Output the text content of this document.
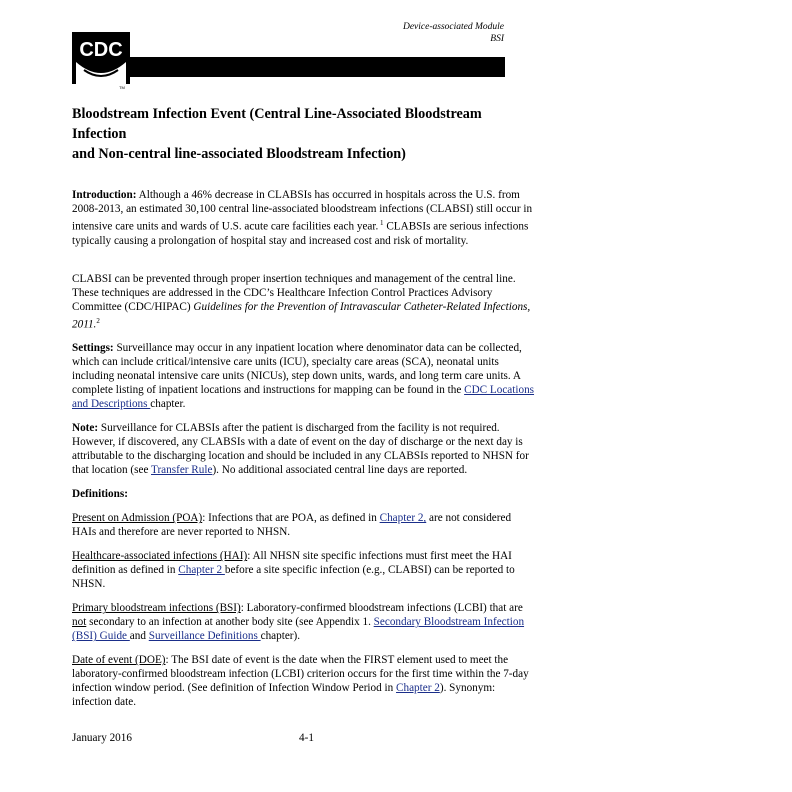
Device-associated Module
BSI
CDC
TM
Bloodstream Infection Event (Central Line-Associated Bloodstream Infection
and Non-central line-associated Bloodstream Infection)

Introduction: Although a 46% decrease in CLABSIs has occurred in hospitals across the U.S. from 2008-2013, an estimated 30,100 central line-associated bloodstream infections (CLABSI) still occur in intensive care units and wards of U.S. acute care facilities each year. $^1$ CLABSIs are serious infections typically causing a prolongation of hospital stay and increased cost and risk of mortality.

CLABSI can be prevented through proper insertion techniques and management of the central line. These techniques are addressed in the CDC’s Healthcare Infection Control Practices Advisory Committee (CDC/HIPAC) Guidelines for the Prevention of Intravascular Catheter-Related Infections, 2011.$^2$

Settings: Surveillance may occur in any inpatient location where denominator data can be collected, which can include critical/intensive care units (ICU), specialty care areas (SCA), neonatal units including neonatal intensive care units (NICUs), step down units, wards, and long term care units. A complete listing of inpatient locations and instructions for mapping can be found in the CDC Locations and Descriptions chapter.

Note: Surveillance for CLABSIs after the patient is discharged from the facility is not required. However, if discovered, any CLABSIs with a date of event on the day of discharge or the next day is attributable to the discharging location and should be included in any CLABSIs reported to NHSN for that location (see Transfer Rule). No additional associated central line days are reported.

Definitions:

Present on Admission (POA): Infections that are POA, as defined in Chapter 2, are not considered HAIs and therefore are never reported to NHSN.

Healthcare-associated infections (HAI): All NHSN site specific infections must first meet the HAI definition as defined in Chapter 2 before a site specific infection (e.g., CLABSI) can be reported to NHSN.

Primary bloodstream infections (BSI): Laboratory-confirmed bloodstream infections (LCBI) that are not secondary to an infection at another body site (see Appendix 1. Secondary Bloodstream Infection (BSI) Guide and Surveillance Definitions chapter).

Date of event (DOE): The BSI date of event is the date when the FIRST element used to meet the laboratory-confirmed bloodstream infection (LCBI) criterion occurs for the first time within the 7-day infection window period. (See definition of Infection Window Period in Chapter 2). Synonym: infection date.

January 2016	4-1
